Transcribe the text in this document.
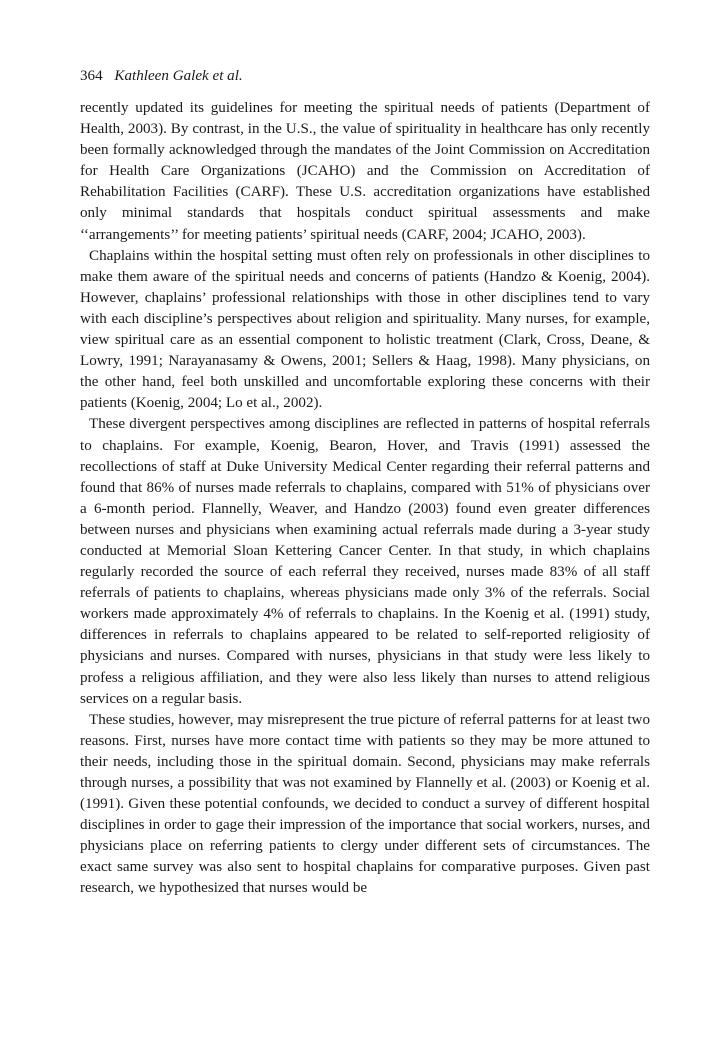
364 Kathleen Galek et al.

recently updated its guidelines for meeting the spiritual needs of patients (Department of Health, 2003). By contrast, in the U.S., the value of spirituality in healthcare has only recently been formally acknowledged through the mandates of the Joint Commission on Accreditation for Health Care Organizations (JCAHO) and the Commission on Accreditation of Rehabilitation Facilities (CARF). These U.S. accreditation organizations have established only minimal standards that hospitals conduct spiritual assessments and make ‘‘arrangements’’ for meeting patients’ spiritual needs (CARF, 2004; JCAHO, 2003).

Chaplains within the hospital setting must often rely on professionals in other disciplines to make them aware of the spiritual needs and concerns of patients (Handzo & Koenig, 2004). However, chaplains’ professional relationships with those in other disciplines tend to vary with each discipline’s perspectives about religion and spirituality. Many nurses, for example, view spiritual care as an essential component to holistic treatment (Clark, Cross, Deane, & Lowry, 1991; Narayanasamy & Owens, 2001; Sellers & Haag, 1998). Many physicians, on the other hand, feel both unskilled and uncomfortable exploring these concerns with their patients (Koenig, 2004; Lo et al., 2002).

These divergent perspectives among disciplines are reflected in patterns of hospital referrals to chaplains. For example, Koenig, Bearon, Hover, and Travis (1991) assessed the recollections of staff at Duke University Medical Center regarding their referral patterns and found that 86% of nurses made referrals to chaplains, compared with 51% of physicians over a 6-month period. Flannelly, Weaver, and Handzo (2003) found even greater differences between nurses and physicians when examining actual referrals made during a 3-year study conducted at Memorial Sloan Kettering Cancer Center. In that study, in which chaplains regularly recorded the source of each referral they received, nurses made 83% of all staff referrals of patients to chaplains, whereas physicians made only 3% of the referrals. Social workers made approximately 4% of referrals to chaplains. In the Koenig et al. (1991) study, differences in referrals to chaplains appeared to be related to self-reported religiosity of physicians and nurses. Compared with nurses, physicians in that study were less likely to profess a religious affiliation, and they were also less likely than nurses to attend religious services on a regular basis.

These studies, however, may misrepresent the true picture of referral patterns for at least two reasons. First, nurses have more contact time with patients so they may be more attuned to their needs, including those in the spiritual domain. Second, physicians may make referrals through nurses, a possibility that was not examined by Flannelly et al. (2003) or Koenig et al. (1991). Given these potential confounds, we decided to conduct a survey of different hospital disciplines in order to gage their impression of the importance that social workers, nurses, and physicians place on referring patients to clergy under different sets of circumstances. The exact same survey was also sent to hospital chaplains for comparative purposes. Given past research, we hypothesized that nurses would be
